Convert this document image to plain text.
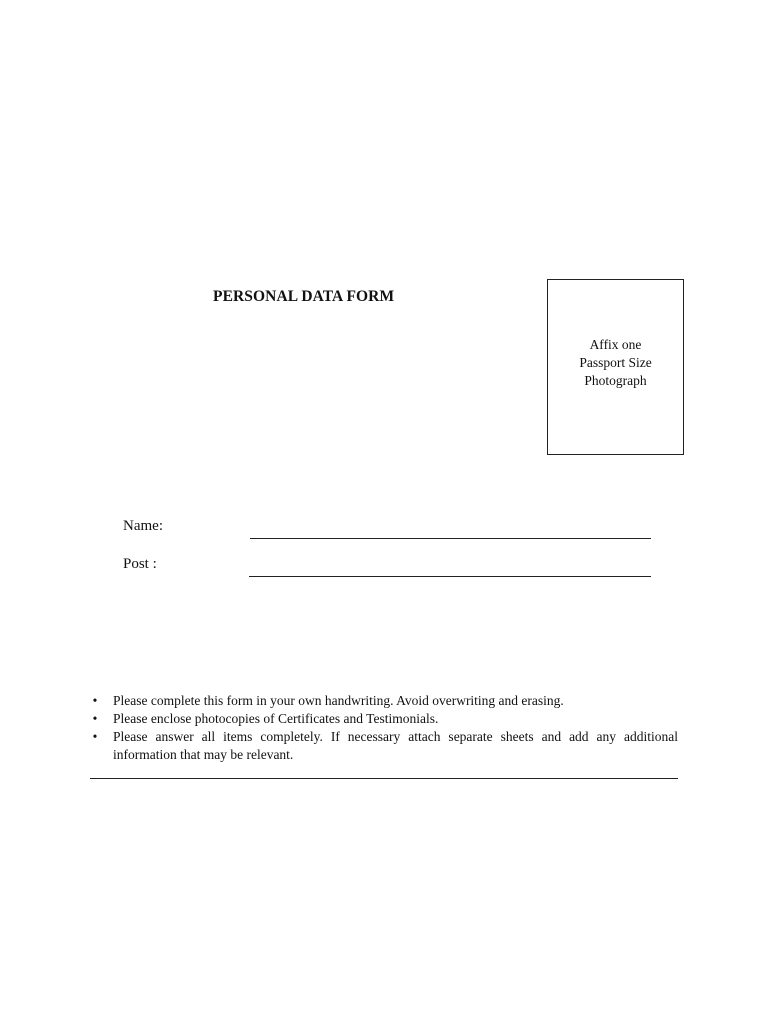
PERSONAL DATA FORM
Affix one
Passport Size
Photograph
Name:
Post :
• Please complete this form in your own handwriting. Avoid overwriting and erasing.
• Please enclose photocopies of Certificates and Testimonials.
• Please answer all items completely. If necessary attach separate sheets and add any additional information that may be relevant.
